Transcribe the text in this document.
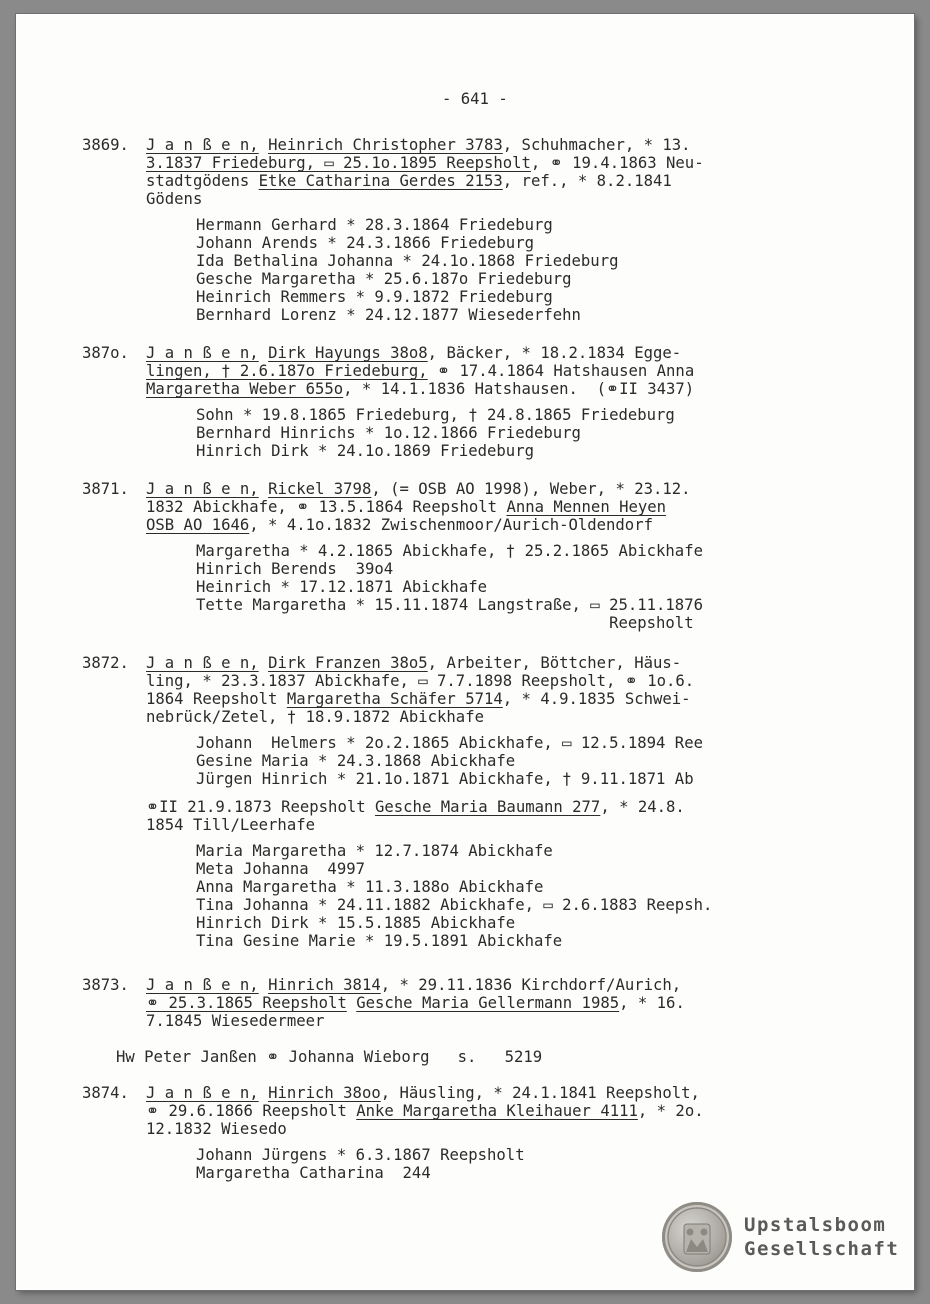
- 641 -
3869. J a n ß e n, Heinrich Christopher 3783, Schuhmacher, * 13.
3.1837 Friedeburg, ▭ 25.1o.1895 Reepsholt, ⚭ 19.4.1863 Neu-
stadtgödens Etke Catharina Gerdes 2153, ref., * 8.2.1841
Gödens
Hermann Gerhard * 28.3.1864 Friedeburg
Johann Arends * 24.3.1866 Friedeburg
Ida Bethalina Johanna * 24.1o.1868 Friedeburg
Gesche Margaretha * 25.6.187o Friedeburg
Heinrich Remmers * 9.9.1872 Friedeburg
Bernhard Lorenz * 24.12.1877 Wiesederfehn
387o. J a n ß e n, Dirk Hayungs 38o8, Bäcker, * 18.2.1834 Egge-
lingen, † 2.6.187o Friedeburg, ⚭ 17.4.1864 Hatshausen Anna
Margaretha Weber 655o, * 14.1.1836 Hatshausen.  (⚭II 3437)
Sohn * 19.8.1865 Friedeburg, † 24.8.1865 Friedeburg
Bernhard Hinrichs * 1o.12.1866 Friedeburg
Hinrich Dirk * 24.1o.1869 Friedeburg
3871. J a n ß e n, Rickel 3798, (= OSB AO 1998), Weber, * 23.12.
1832 Abickhafe, ⚭ 13.5.1864 Reepsholt Anna Mennen Heyen
OSB AO 1646, * 4.1o.1832 Zwischenmoor/Aurich-Oldendorf
Margaretha * 4.2.1865 Abickhafe, † 25.2.1865 Abickhafe
Hinrich Berends  39o4
Heinrich * 17.12.1871 Abickhafe
Tette Margaretha * 15.11.1874 Langstraße, ▭ 25.11.1876
Reepsholt
3872. J a n ß e n, Dirk Franzen 38o5, Arbeiter, Böttcher, Häus-
ling, * 23.3.1837 Abickhafe, ▭ 7.7.1898 Reepsholt, ⚭ 1o.6.
1864 Reepsholt Margaretha Schäfer 5714, * 4.9.1835 Schwei-
nebrück/Zetel, † 18.9.1872 Abickhafe
Johann  Helmers * 2o.2.1865 Abickhafe, ▭ 12.5.1894 Ree
Gesine Maria * 24.3.1868 Abickhafe
Jürgen Hinrich * 21.1o.1871 Abickhafe, † 9.11.1871 Ab
⚭II 21.9.1873 Reepsholt Gesche Maria Baumann 277, * 24.8.
1854 Till/Leerhafe
Maria Margaretha * 12.7.1874 Abickhafe
Meta Johanna  4997
Anna Margaretha * 11.3.188o Abickhafe
Tina Johanna * 24.11.1882 Abickhafe, ▭ 2.6.1883 Reepsh.
Hinrich Dirk * 15.5.1885 Abickhafe
Tina Gesine Marie * 19.5.1891 Abickhafe
3873. J a n ß e n, Hinrich 3814, * 29.11.1836 Kirchdorf/Aurich,
⚭ 25.3.1865 Reepsholt Gesche Maria Gellermann 1985, * 16.
7.1845 Wiesedermeer
Hw Peter Janßen ⚭ Johanna Wieborg   s.   5219
3874. J a n ß e n, Hinrich 38oo, Häusling, * 24.1.1841 Reepsholt,
⚭ 29.6.1866 Reepsholt Anke Margaretha Kleihauer 4111, * 2o.
12.1832 Wiesedo
Johann Jürgens * 6.3.1867 Reepsholt
Margaretha Catharina  244
Upstalsboom
Gesellschaft
